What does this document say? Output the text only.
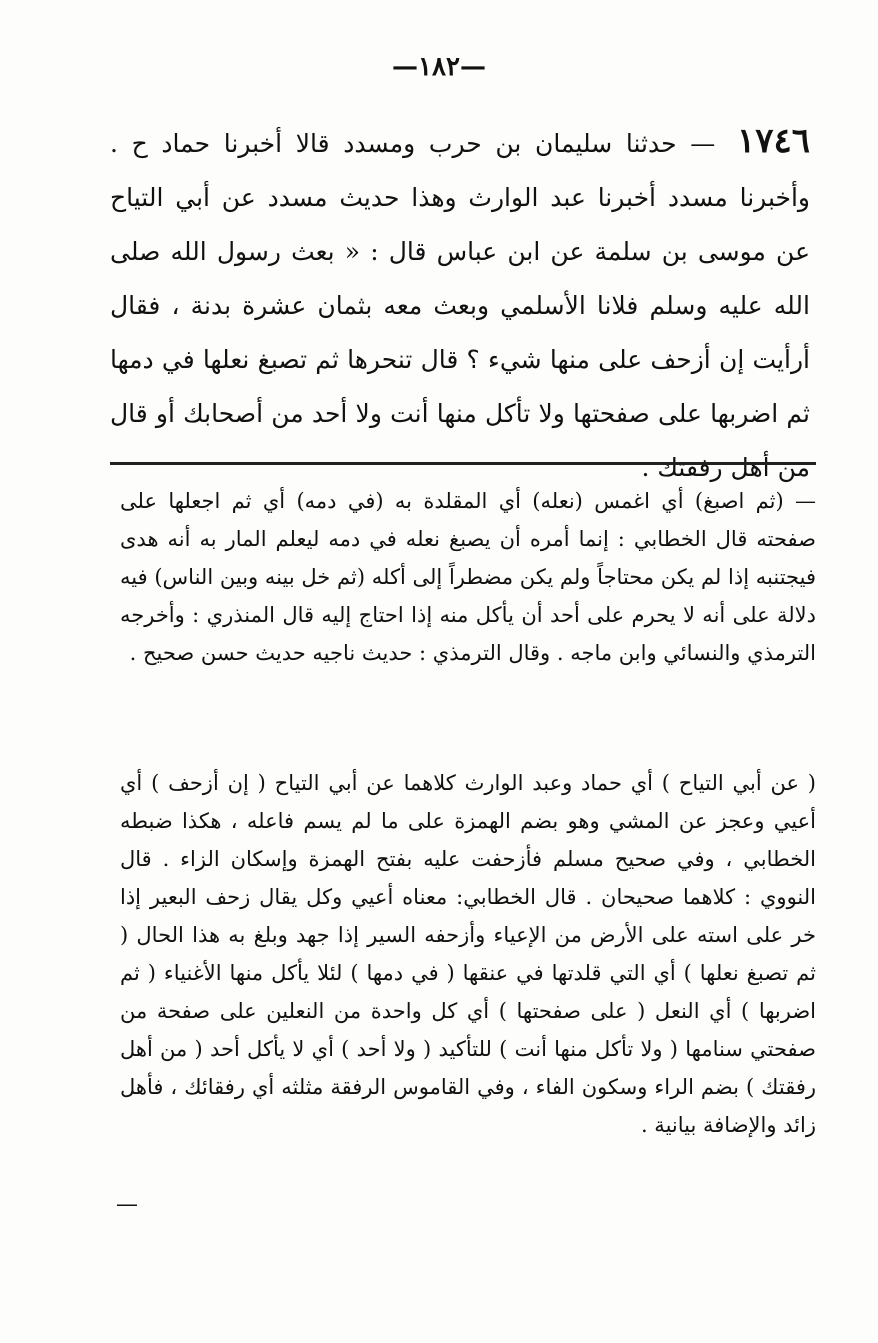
—١٨٢—
١٧٤٦ — حدثنا سليمان بن حرب ومسدد قالا أخبرنا حماد ح . وأخبرنا مسدد أخبرنا عبد الوارث وهذا حديث مسدد عن أبي التياح عن موسى بن سلمة عن ابن عباس قال : « بعث رسول الله صلى الله عليه وسلم فلانا الأسلمي وبعث معه بثمان عشرة بدنة ، فقال أرأيت إن أزحف على منها شيء ؟ قال تنحرها ثم تصبغ نعلها في دمها ثم اضربها على صفحتها ولا تأكل منها أنت ولا أحد من أصحابك أو قال من أهل رفقتك .
— (ثم اصبغ) أي اغمس (نعله) أي المقلدة به (في دمه) أي ثم اجعلها على صفحته قال الخطابي : إنما أمره أن يصبغ نعله في دمه ليعلم المار به أنه هدى فيجتنبه إذا لم يكن محتاجاً ولم يكن مضطراً إلى أكله (ثم خل بينه وبين الناس) فيه دلالة على أنه لا يحرم على أحد أن يأكل منه إذا احتاج إليه قال المنذري : وأخرجه الترمذي والنسائي وابن ماجه . وقال الترمذي : حديث ناجيه حديث حسن صحيح .
( عن أبي التياح ) أي حماد وعبد الوارث كلاهما عن أبي التياح ( إن أزحف ) أي أعيي وعجز عن المشي وهو بضم الهمزة على ما لم يسم فاعله ، هكذا ضبطه الخطابي ، وفي صحيح مسلم فأزحفت عليه بفتح الهمزة وإسكان الزاء . قال النووي : كلاهما صحيحان . قال الخطابي: معناه أعيي وكل يقال زحف البعير إذا خر على استه على الأرض من الإعياء وأزحفه السير إذا جهد وبلغ به هذا الحال ( ثم تصبغ نعلها ) أي التي قلدتها في عنقها ( في دمها ) لئلا يأكل منها الأغنياء ( ثم اضربها ) أي النعل ( على صفحتها ) أي كل واحدة من النعلين على صفحة من صفحتي سنامها ( ولا تأكل منها أنت ) للتأكيد ( ولا أحد ) أي لا يأكل أحد ( من أهل رفقتك ) بضم الراء وسكون الفاء ، وفي القاموس الرفقة مثلثه أي رفقائك ، فأهل زائد والإضافة بيانية .
—
